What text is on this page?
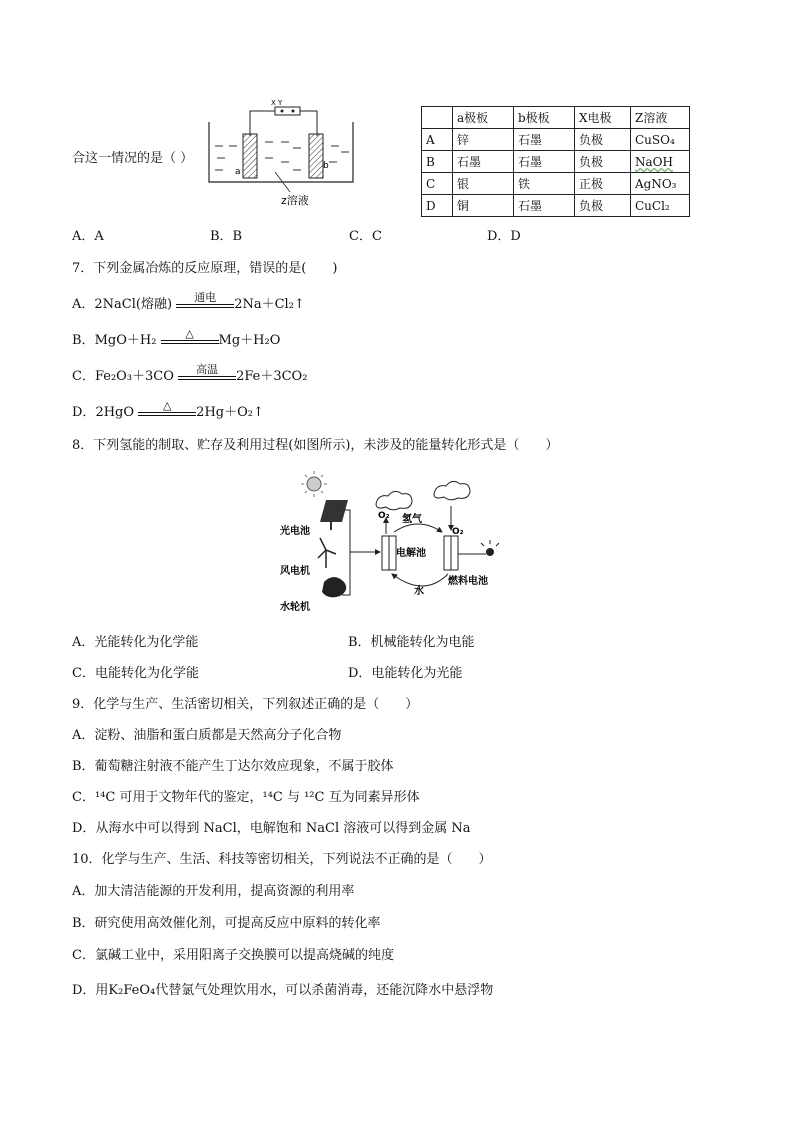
合这一情况的是（ ）
X Y
a
b
z溶液
	a极板	b极板	X电极	Z溶液
A	锌	石墨	负极	CuSO₄
B	石墨	石墨	负极	NaOH
C	银	铁	正极	AgNO₃
D	铜	石墨	负极	CuCl₂
A．A	B．B	C．C	D．D
7．下列金属冶炼的反应原理，错误的是(　　)
A．2NaCl(熔融)	通电	2Na＋Cl₂↑
B．MgO＋H₂	△	Mg＋H₂O
C．Fe₂O₃＋3CO	高温	2Fe＋3CO₂
D．2HgO	△	2Hg＋O₂↑
8．下列氢能的制取、贮存及利用过程(如图所示)，未涉及的能量转化形式是（　　）
光电池
风电机
水轮机
电解池
O₂ 氢气
O₂
燃料电池
水
A．光能转化为化学能	B．机械能转化为电能
C．电能转化为化学能	D．电能转化为光能
9．化学与生产、生活密切相关，下列叙述正确的是（　　）
A．淀粉、油脂和蛋白质都是天然高分子化合物
B．葡萄糖注射液不能产生丁达尔效应现象，不属于胶体
C．¹⁴C 可用于文物年代的鉴定，¹⁴C 与 ¹²C 互为同素异形体
D．从海水中可以得到 NaCl，电解饱和 NaCl 溶液可以得到金属 Na
10．化学与生产、生活、科技等密切相关，下列说法不正确的是（　　）
A．加大清洁能源的开发利用，提高资源的利用率
B．研究使用高效催化剂，可提高反应中原料的转化率
C．氯碱工业中，采用阳离子交换膜可以提高烧碱的纯度
D．用K₂FeO₄代替氯气处理饮用水，可以杀菌消毒，还能沉降水中悬浮物
